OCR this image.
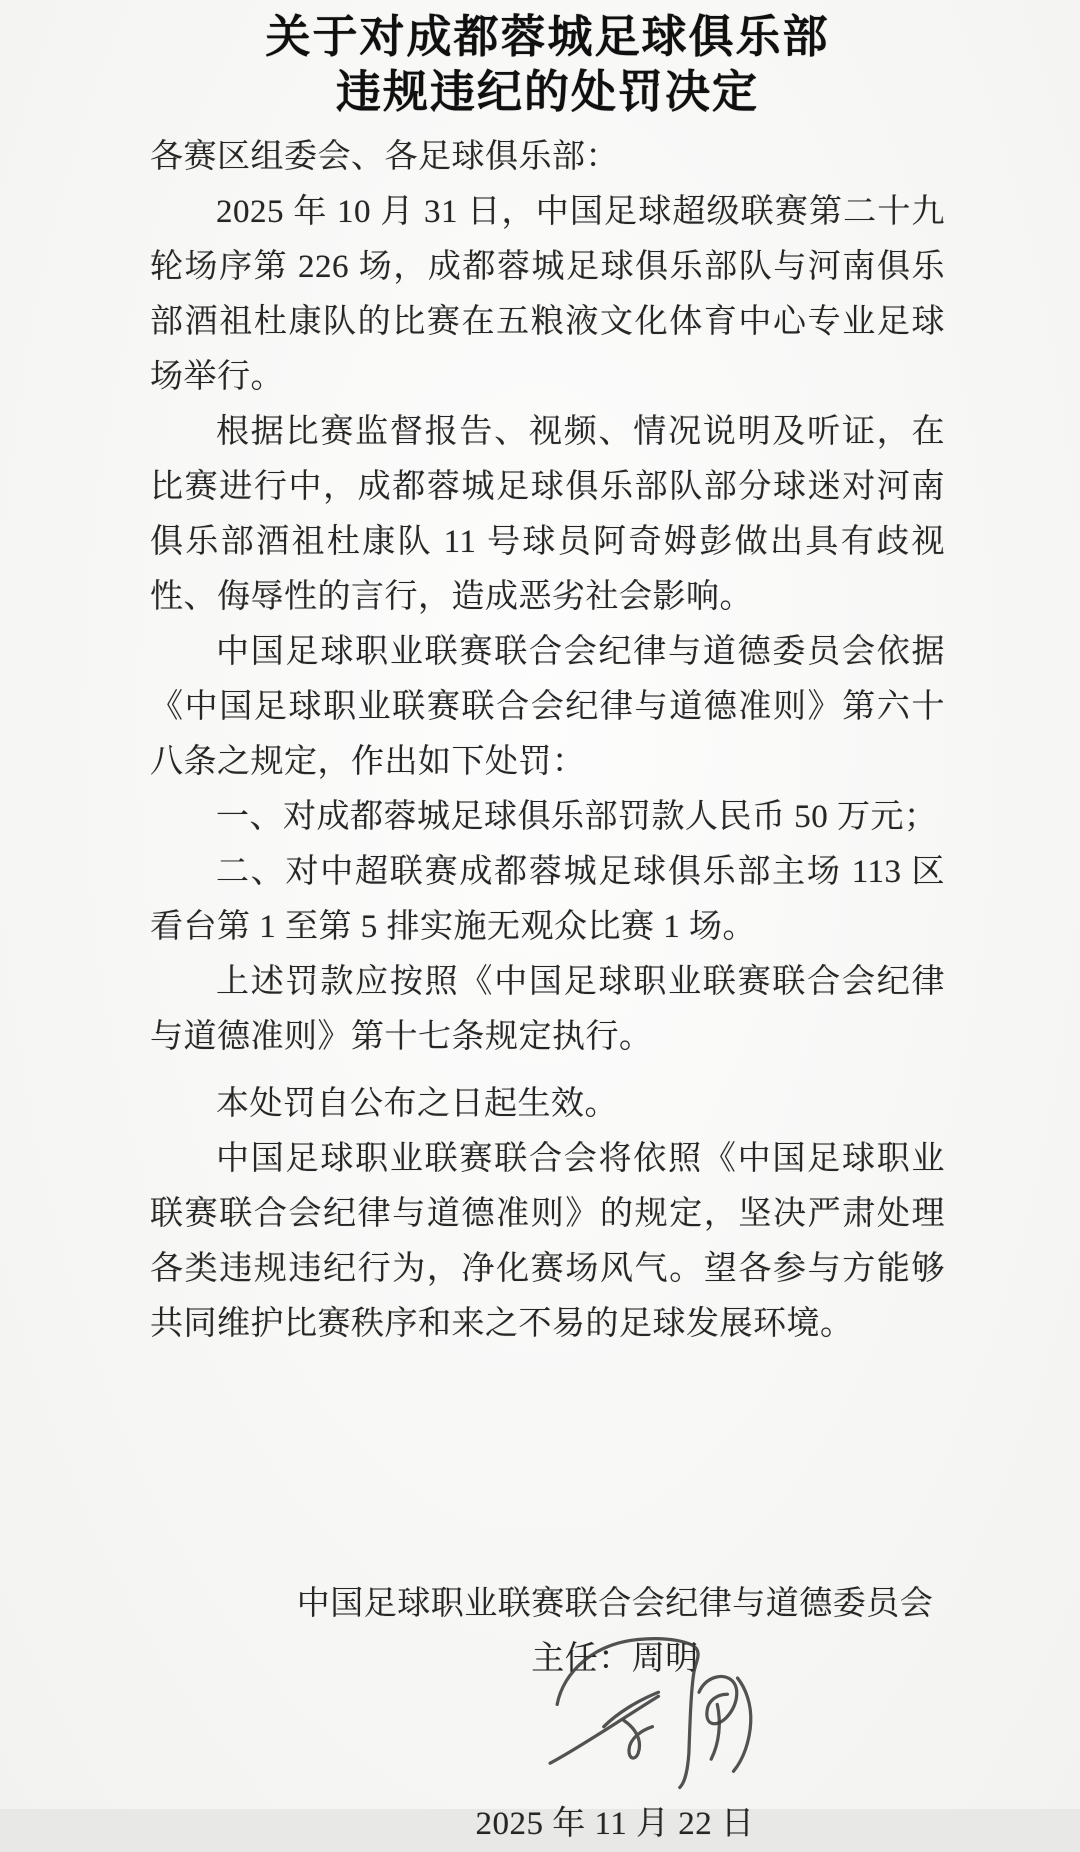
关于对成都蓉城足球俱乐部
违规违纪的处罚决定

各赛区组委会、各足球俱乐部：

2025 年 10 月 31 日，中国足球超级联赛第二十九轮场序第 226 场，成都蓉城足球俱乐部队与河南俱乐部酒祖杜康队的比赛在五粮液文化体育中心专业足球场举行。

根据比赛监督报告、视频、情况说明及听证，在比赛进行中，成都蓉城足球俱乐部队部分球迷对河南俱乐部酒祖杜康队 11 号球员阿奇姆彭做出具有歧视性、侮辱性的言行，造成恶劣社会影响。

中国足球职业联赛联合会纪律与道德委员会依据《中国足球职业联赛联合会纪律与道德准则》第六十八条之规定，作出如下处罚：

一、对成都蓉城足球俱乐部罚款人民币 50 万元；

二、对中超联赛成都蓉城足球俱乐部主场 113 区看台第 1 至第 5 排实施无观众比赛 1 场。

上述罚款应按照《中国足球职业联赛联合会纪律与道德准则》第十七条规定执行。

本处罚自公布之日起生效。

中国足球职业联赛联合会将依照《中国足球职业联赛联合会纪律与道德准则》的规定，坚决严肃处理各类违规违纪行为，净化赛场风气。望各参与方能够共同维护比赛秩序和来之不易的足球发展环境。

中国足球职业联赛联合会纪律与道德委员会
主任：周明
2025 年 11 月 22 日
